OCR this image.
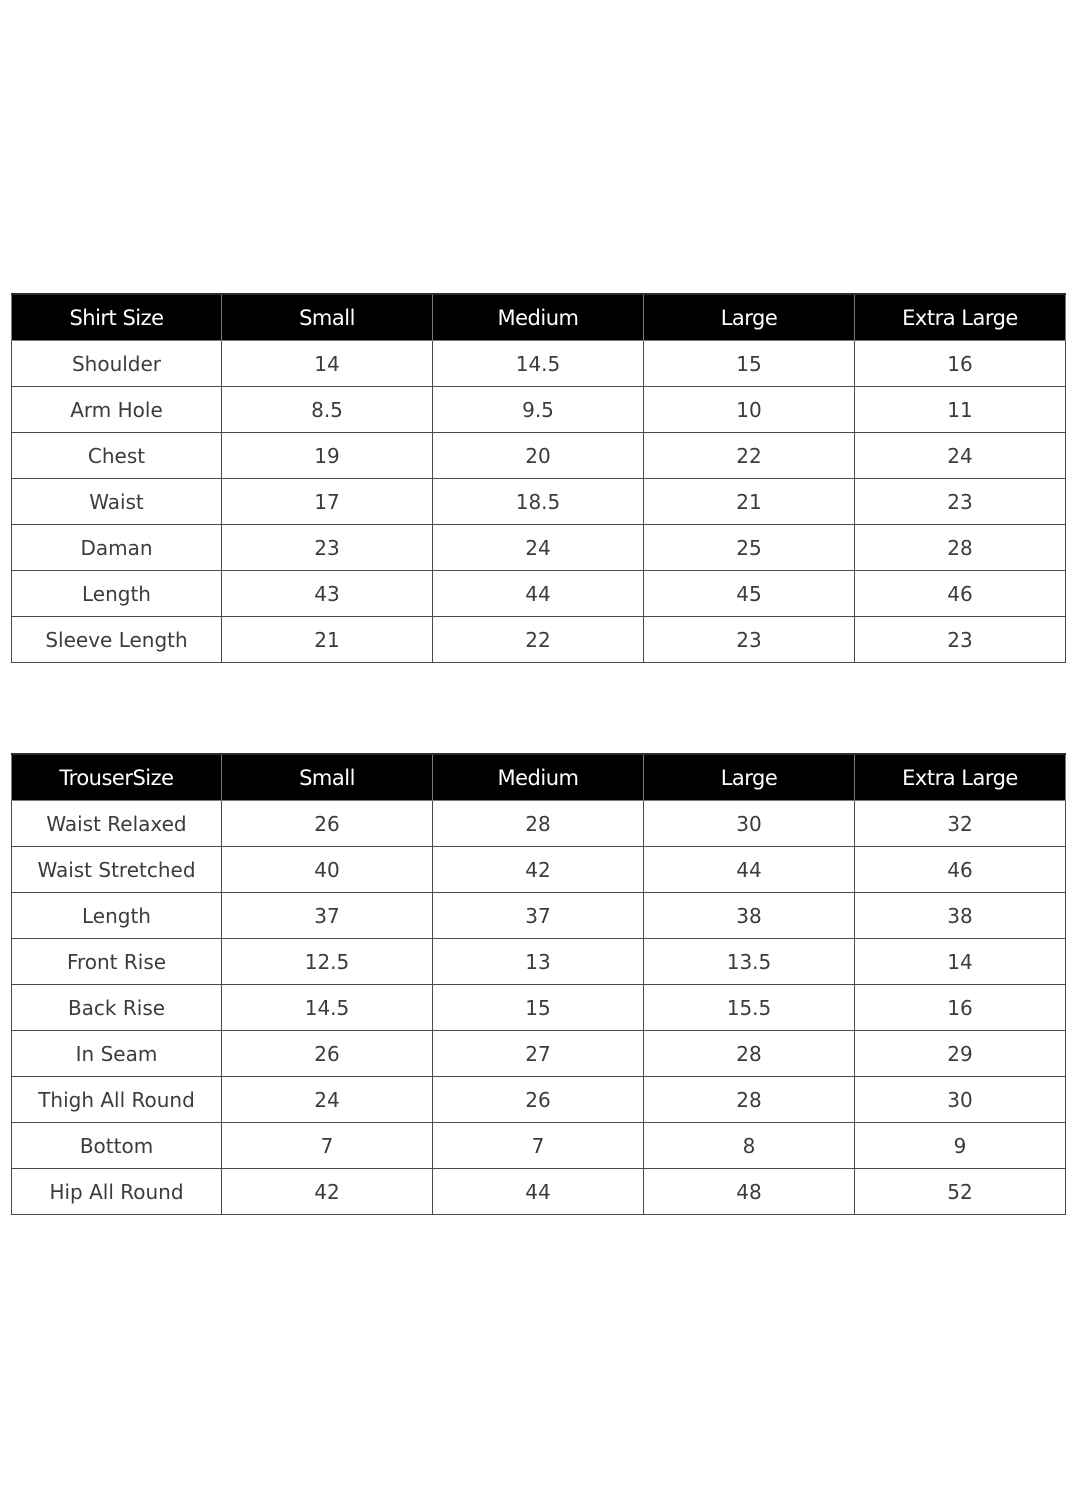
Shirt Size	Small	Medium	Large	Extra Large
Shoulder	14	14.5	15	16
Arm Hole	8.5	9.5	10	11
Chest	19	20	22	24
Waist	17	18.5	21	23
Daman	23	24	25	28
Length	43	44	45	46
Sleeve Length	21	22	23	23
TrouserSize	Small	Medium	Large	Extra Large
Waist Relaxed	26	28	30	32
Waist Stretched	40	42	44	46
Length	37	37	38	38
Front Rise	12.5	13	13.5	14
Back Rise	14.5	15	15.5	16
In Seam	26	27	28	29
Thigh All Round	24	26	28	30
Bottom	7	7	8	9
Hip All Round	42	44	48	52
